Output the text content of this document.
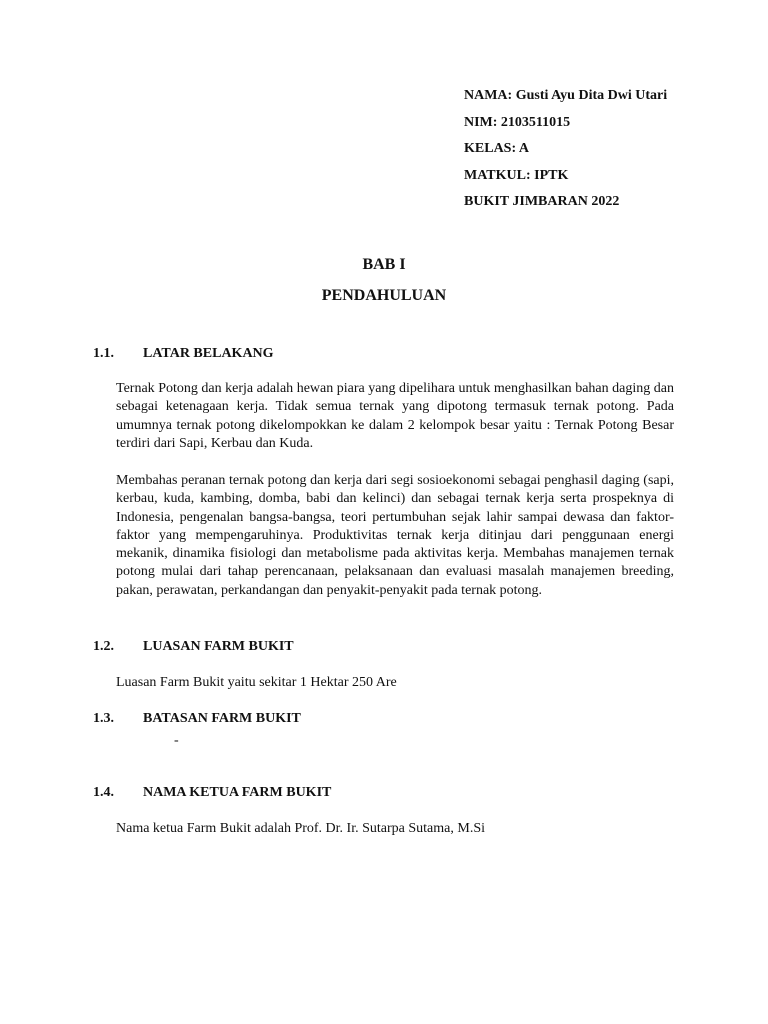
NAMA: Gusti Ayu Dita Dwi Utari

NIM: 2103511015

KELAS: A

MATKUL: IPTK

BUKIT JIMBARAN 2022

BAB I
PENDAHULUAN
1.1. LATAR BELAKANG

Ternak Potong dan kerja adalah hewan piara yang dipelihara untuk menghasilkan bahan daging dan sebagai ketenagaan kerja. Tidak semua ternak yang dipotong termasuk ternak potong. Pada umumnya ternak potong dikelompokkan ke dalam 2 kelompok besar yaitu : Ternak Potong Besar terdiri dari Sapi, Kerbau dan Kuda.

Membahas peranan ternak potong dan kerja dari segi sosioekonomi sebagai penghasil daging (sapi, kerbau, kuda, kambing, domba, babi dan kelinci) dan sebagai ternak kerja serta prospeknya di Indonesia, pengenalan bangsa-bangsa, teori pertumbuhan sejak lahir sampai dewasa dan faktor-faktor yang mempengaruhinya. Produktivitas ternak kerja ditinjau dari penggunaan energi mekanik, dinamika fisiologi dan metabolisme pada aktivitas kerja. Membahas manajemen ternak potong mulai dari tahap perencanaan, pelaksanaan dan evaluasi masalah manajemen breeding, pakan, perawatan, perkandangan dan penyakit-penyakit pada ternak potong.

1.2. LUASAN FARM BUKIT

Luasan Farm Bukit yaitu sekitar 1 Hektar 250 Are

1.3. BATASAN FARM BUKIT
-
1.4. NAMA KETUA FARM BUKIT

Nama ketua Farm Bukit adalah Prof. Dr. Ir. Sutarpa Sutama, M.Si
